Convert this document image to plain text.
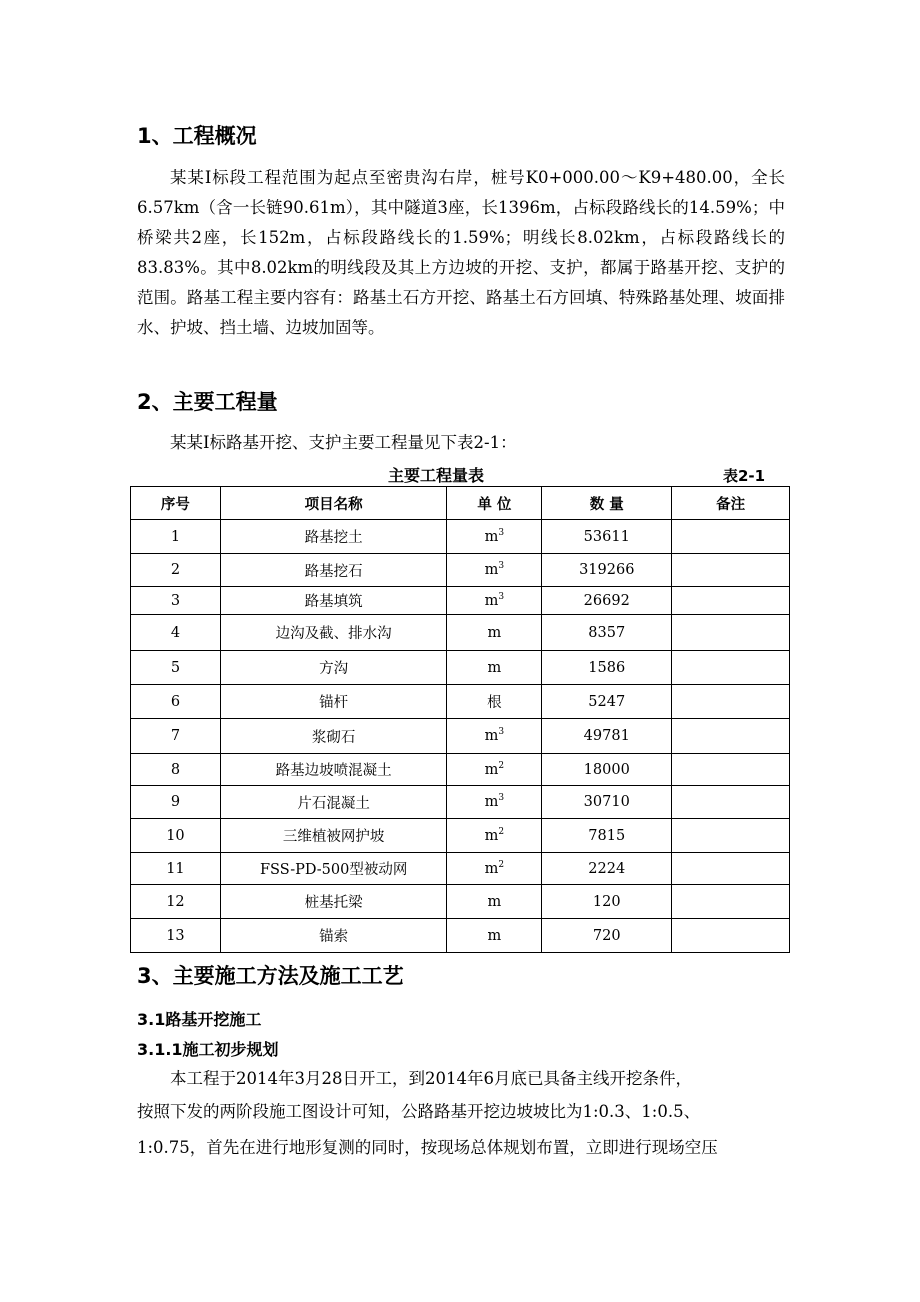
1、工程概况

某某Ⅰ标段工程范围为起点至密贵沟右岸，桩号K0+000.00～K9+480.00，全长6.57km（含一长链90.61m），其中隧道3座，长1396m，占标段路线长的14.59%；中桥梁共2座，长152m，占标段路线长的1.59%；明线长8.02km，占标段路线长的83.83%。其中8.02km的明线段及其上方边坡的开挖、支护，都属于路基开挖、支护的范围。路基工程主要内容有：路基土石方开挖、路基土石方回填、特殊路基处理、坡面排水、护坡、挡土墙、边坡加固等。

2、主要工程量

某某Ⅰ标路基开挖、支护主要工程量见下表2-1：

主要工程量表	表2-1

序号	项目名称	单 位	数 量	备注
1	路基挖土	$m^3$	53611	
2	路基挖石	$m^3$	319266	
3	路基填筑	$m^3$	26692	
4	边沟及截、排水沟	m	8357	
5	方沟	m	1586	
6	锚杆	根	5247	
7	浆砌石	$m^3$	49781	
8	路基边坡喷混凝土	$m^2$	18000	
9	片石混凝土	$m^3$	30710	
10	三维植被网护坡	$m^2$	7815	
11	FSS-PD-500型被动网	$m^2$	2224	
12	桩基托梁	m	120	
13	锚索	m	720	
3、主要施工方法及施工工艺
3.1路基开挖施工
3.1.1施工初步规划

本工程于2014年3月28日开工，到2014年6月底已具备主线开挖条件，

按照下发的两阶段施工图设计可知，公路路基开挖边坡坡比为1:0.3、1:0.5、

1:0.75，首先在进行地形复测的同时，按现场总体规划布置，立即进行现场空压
